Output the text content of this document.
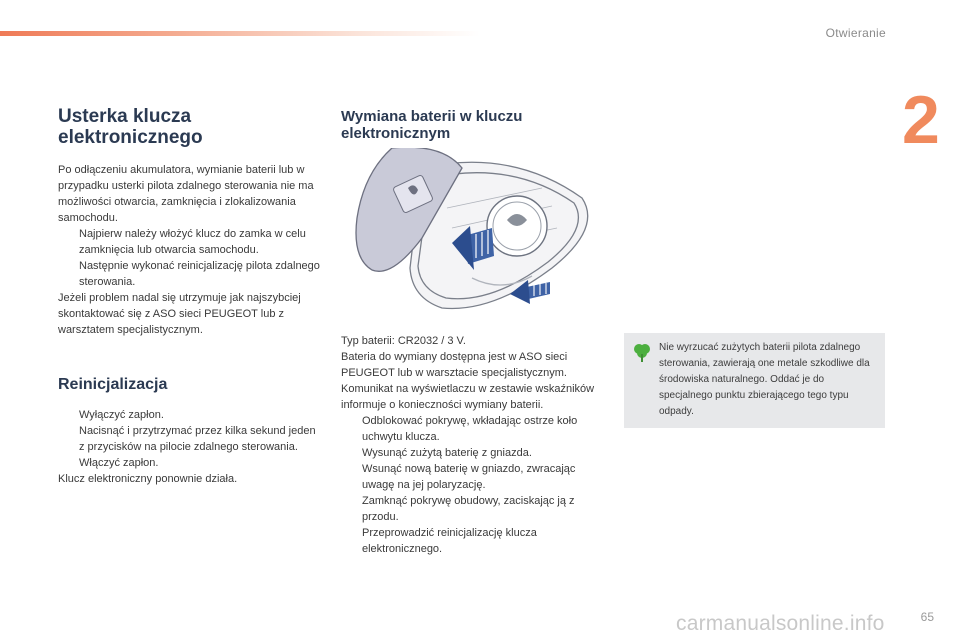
Otwieranie
2
Usterka klucza
elektronicznego

Po odłączeniu akumulatora, wymianie baterii lub w przypadku usterki pilota zdalnego sterowania nie ma możliwości otwarcia, zamknięcia i zlokalizowania samochodu.

Najpierw należy włożyć klucz do zamka w celu zamknięcia lub otwarcia samochodu.
Następnie wykonać reinicjalizację pilota zdalnego sterowania.

Jeżeli problem nadal się utrzymuje jak najszybciej skontaktować się z ASO sieci PEUGEOT lub z warsztatem specjalistycznym.

Reinicjalizacja
Wyłączyć zapłon.
Nacisnąć i przytrzymać przez kilka sekund jeden z przycisków na pilocie zdalnego sterowania.
Włączyć zapłon.

Klucz elektroniczny ponownie działa.

Wymiana baterii w kluczu
elektronicznym

Typ baterii: CR2032 / 3 V.

Bateria do wymiany dostępna jest w ASO sieci PEUGEOT lub w warsztacie specjalistycznym. Komunikat na wyświetlaczu w zestawie wskaźników informuje o konieczności wymiany baterii.

Odblokować pokrywę, wkładając ostrze koło uchwytu klucza.
Wysunąć zużytą baterię z gniazda.
Wsunąć nową baterię w gniazdo, zwracając uwagę na jej polaryzację.
Zamknąć pokrywę obudowy, zaciskając ją z przodu.
Przeprowadzić reinicjalizację klucza elektronicznego.

Nie wyrzucać zużytych baterii pilota zdalnego sterowania, zawierają one metale szkodliwe dla środowiska naturalnego. Oddać je do specjalnego punktu zbierającego tego typu odpady.

carmanualsonline.info	65
